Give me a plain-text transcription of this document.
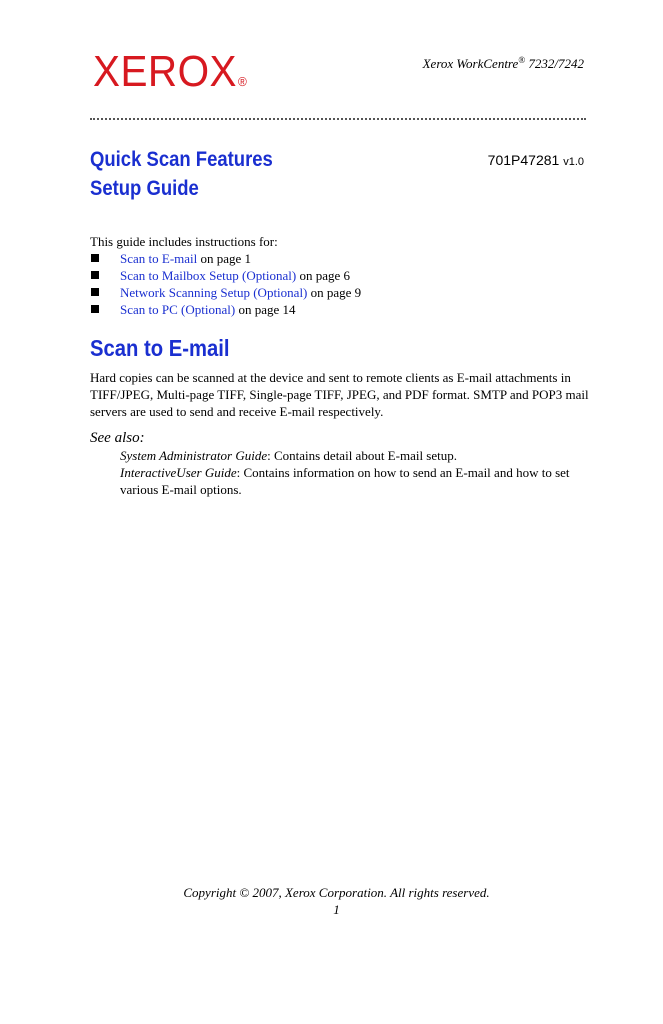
XEROX®
Xerox WorkCentre® 7232/7242
Quick Scan Features
Setup Guide
701P47281 v1.0
This guide includes instructions for:
Scan to E-mail on page 1
Scan to Mailbox Setup (Optional) on page 6
Network Scanning Setup (Optional) on page 9
Scan to PC (Optional) on page 14
Scan to E-mail
Hard copies can be scanned at the device and sent to remote clients as E-mail attachments in TIFF/JPEG, Multi-page TIFF, Single-page TIFF, JPEG, and PDF format. SMTP and POP3 mail servers are used to send and receive E-mail respectively.
See also:

System Administrator Guide: Contains detail about E-mail setup.

InteractiveUser Guide: Contains information on how to send an E-mail and how to set various E-mail options.

Copyright © 2007, Xerox Corporation. All rights reserved.
1
